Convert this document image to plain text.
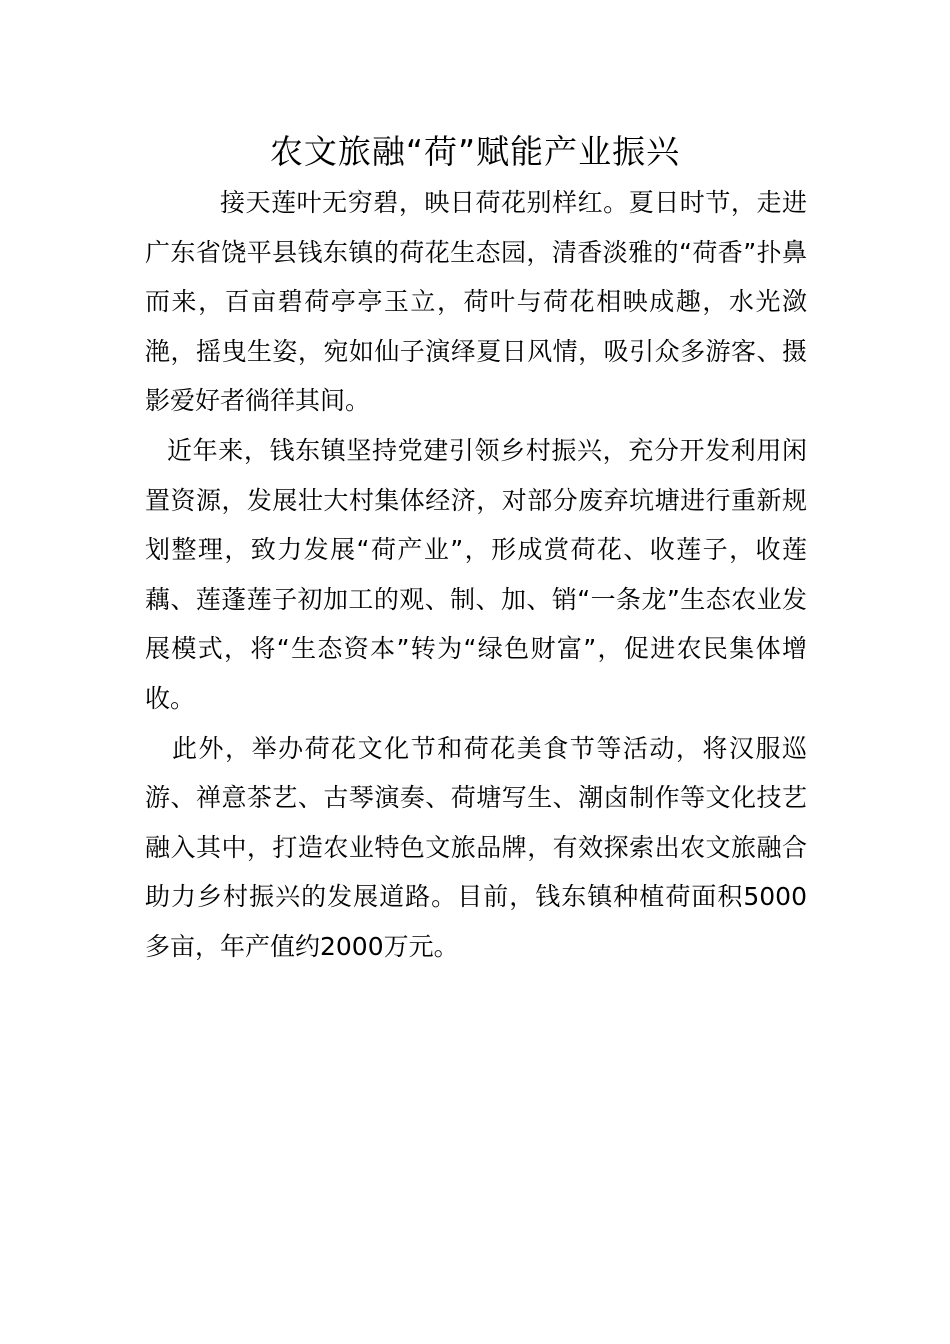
农文旅融“荷”赋能产业振兴

接天莲叶无穷碧，映日荷花别样红。夏日时节，走进广东省饶平县钱东镇的荷花生态园，清香淡雅的“荷香”扑鼻而来，百亩碧荷亭亭玉立，荷叶与荷花相映成趣，水光潋滟，摇曳生姿，宛如仙子演绎夏日风情，吸引众多游客、摄影爱好者徜徉其间。

近年来，钱东镇坚持党建引领乡村振兴，充分开发利用闲置资源，发展壮大村集体经济，对部分废弃坑塘进行重新规划整理，致力发展“荷产业”，形成赏荷花、收莲子，收莲藕、莲蓬莲子初加工的观、制、加、销“一条龙”生态农业发展模式，将“生态资本”转为“绿色财富”，促进农民集体增收。

此外，举办荷花文化节和荷花美食节等活动，将汉服巡游、禅意茶艺、古琴演奏、荷塘写生、潮卤制作等文化技艺融入其中，打造农业特色文旅品牌，有效探索出农文旅融合助力乡村振兴的发展道路。目前，钱东镇种植荷面积5000多亩，年产值约2000万元。
